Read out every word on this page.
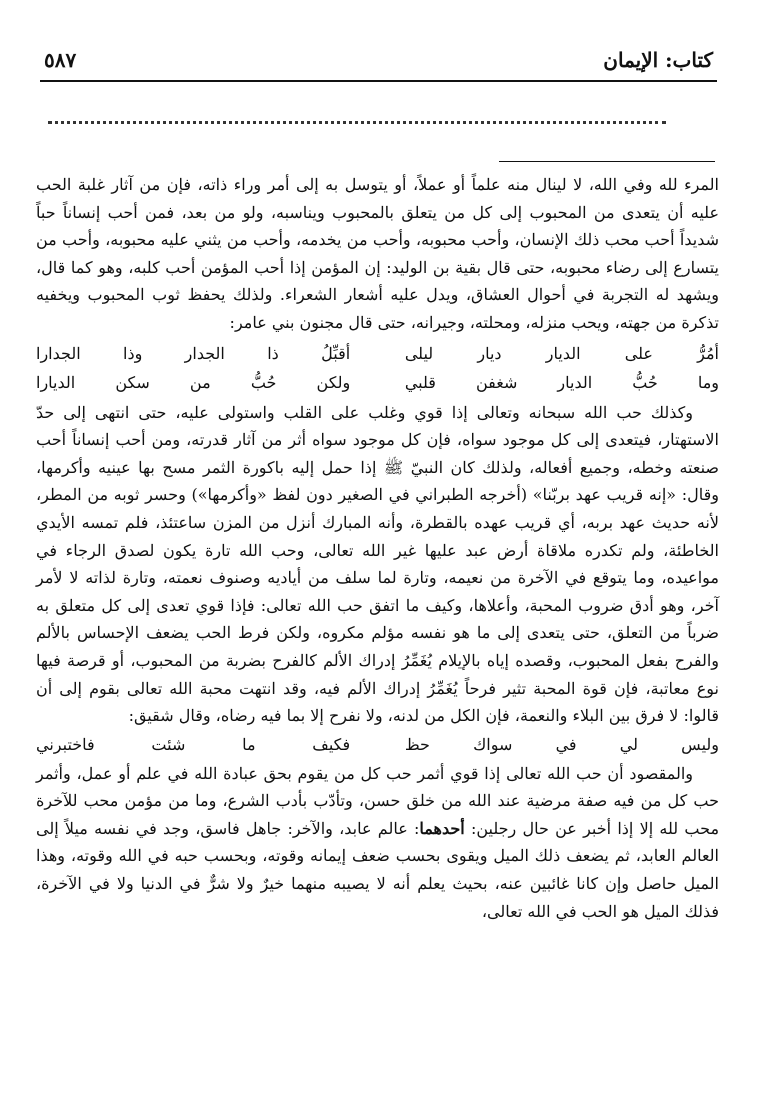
كتاب: الإيمان
٥٨٧

المرء لله وفي الله، لا لينال منه علماً أو عملاً، أو يتوسل به إلى أمر وراء ذاته، فإن من آثار غلبة الحب عليه أن يتعدى من المحبوب إلى كل من يتعلق بالمحبوب ويناسبه، ولو من بعد، فمن أحب إنساناً حباً شديداً أحب محب ذلك الإنسان، وأحب محبوبه، وأحب من يخدمه، وأحب من يثني عليه محبوبه، وأحب من يتسارع إلى رضاء محبوبه، حتى قال بقية بن الوليد: إن المؤمن إذا أحب المؤمن أحب كلبه، وهو كما قال، ويشهد له التجربة في أحوال العشاق، ويدل عليه أشعار الشعراء. ولذلك يحفظ ثوب المحبوب ويخفيه تذكرة من جهته، ويحب منزله، ومحلته، وجيرانه، حتى قال مجنون بني عامر:

أمُرُّ على الديار ديار ليلى
أقبِّلُ ذا الجدار وذا الجدارا
وما حُبُّ الديار شغفن قلبي
ولكن حُبُّ من سكن الديارا

وكذلك حب الله سبحانه وتعالى إذا قوي وغلب على القلب واستولى عليه، حتى انتهى إلى حدّ الاستهتار، فيتعدى إلى كل موجود سواه، فإن كل موجود سواه أثر من آثار قدرته، ومن أحب إنساناً أحب صنعته وخطه، وجميع أفعاله، ولذلك كان النبيّ ﷺ إذا حمل إليه باكورة الثمر مسح بها عينيه وأكرمها، وقال: «إنه قريب عهد بربّنا» (أخرجه الطبراني في الصغير دون لفظ «وأكرمها») وحسر ثوبه من المطر، لأنه حديث عهد بربه، أي قريب عهده بالقطرة، وأنه المبارك أنزل من المزن ساعتئذ، فلم تمسه الأيدي الخاطئة، ولم تكدره ملاقاة أرض عبد عليها غير الله تعالى، وحب الله تارة يكون لصدق الرجاء في مواعيده، وما يتوقع في الآخرة من نعيمه، وتارة لما سلف من أياديه وصنوف نعمته، وتارة لذاته لا لأمر آخر، وهو أدق ضروب المحبة، وأعلاها، وكيف ما اتفق حب الله تعالى: فإذا قوي تعدى إلى كل متعلق به ضرباً من التعلق، حتى يتعدى إلى ما هو نفسه مؤلم مكروه، ولكن فرط الحب يضعف الإحساس بالألم والفرح بفعل المحبوب، وقصده إياه بالإيلام يُغَمِّرُ إدراك الألم كالفرح بضربة من المحبوب، أو قرصة فيها نوع معاتبة، فإن قوة المحبة تثير فرحاً يُغَمِّرُ إدراك الألم فيه، وقد انتهت محبة الله تعالى بقوم إلى أن قالوا: لا فرق بين البلاء والنعمة، فإن الكل من لدنه، ولا نفرح إلا بما فيه رضاه، وقال شقيق:

وليس لي في سواك حظ
فكيف ما شئت فاختبرني

والمقصود أن حب الله تعالى إذا قوي أثمر حب كل من يقوم بحق عبادة الله في علم أو عمل، وأثمر حب كل من فيه صفة مرضية عند الله من خلق حسن، وتأدّب بأدب الشرع، وما من مؤمن محب للآخرة محب لله إلا إذا أخبر عن حال رجلين: أحدهما: عالم عابد، والآخر: جاهل فاسق، وجد في نفسه ميلاً إلى العالم العابد، ثم يضعف ذلك الميل ويقوى بحسب ضعف إيمانه وقوته، وبحسب حبه في الله وقوته، وهذا الميل حاصل وإن كانا غائبين عنه، بحيث يعلم أنه لا يصيبه منهما خيرٌ ولا شرٌّ في الدنيا ولا في الآخرة، فذلك الميل هو الحب في الله تعالى،
